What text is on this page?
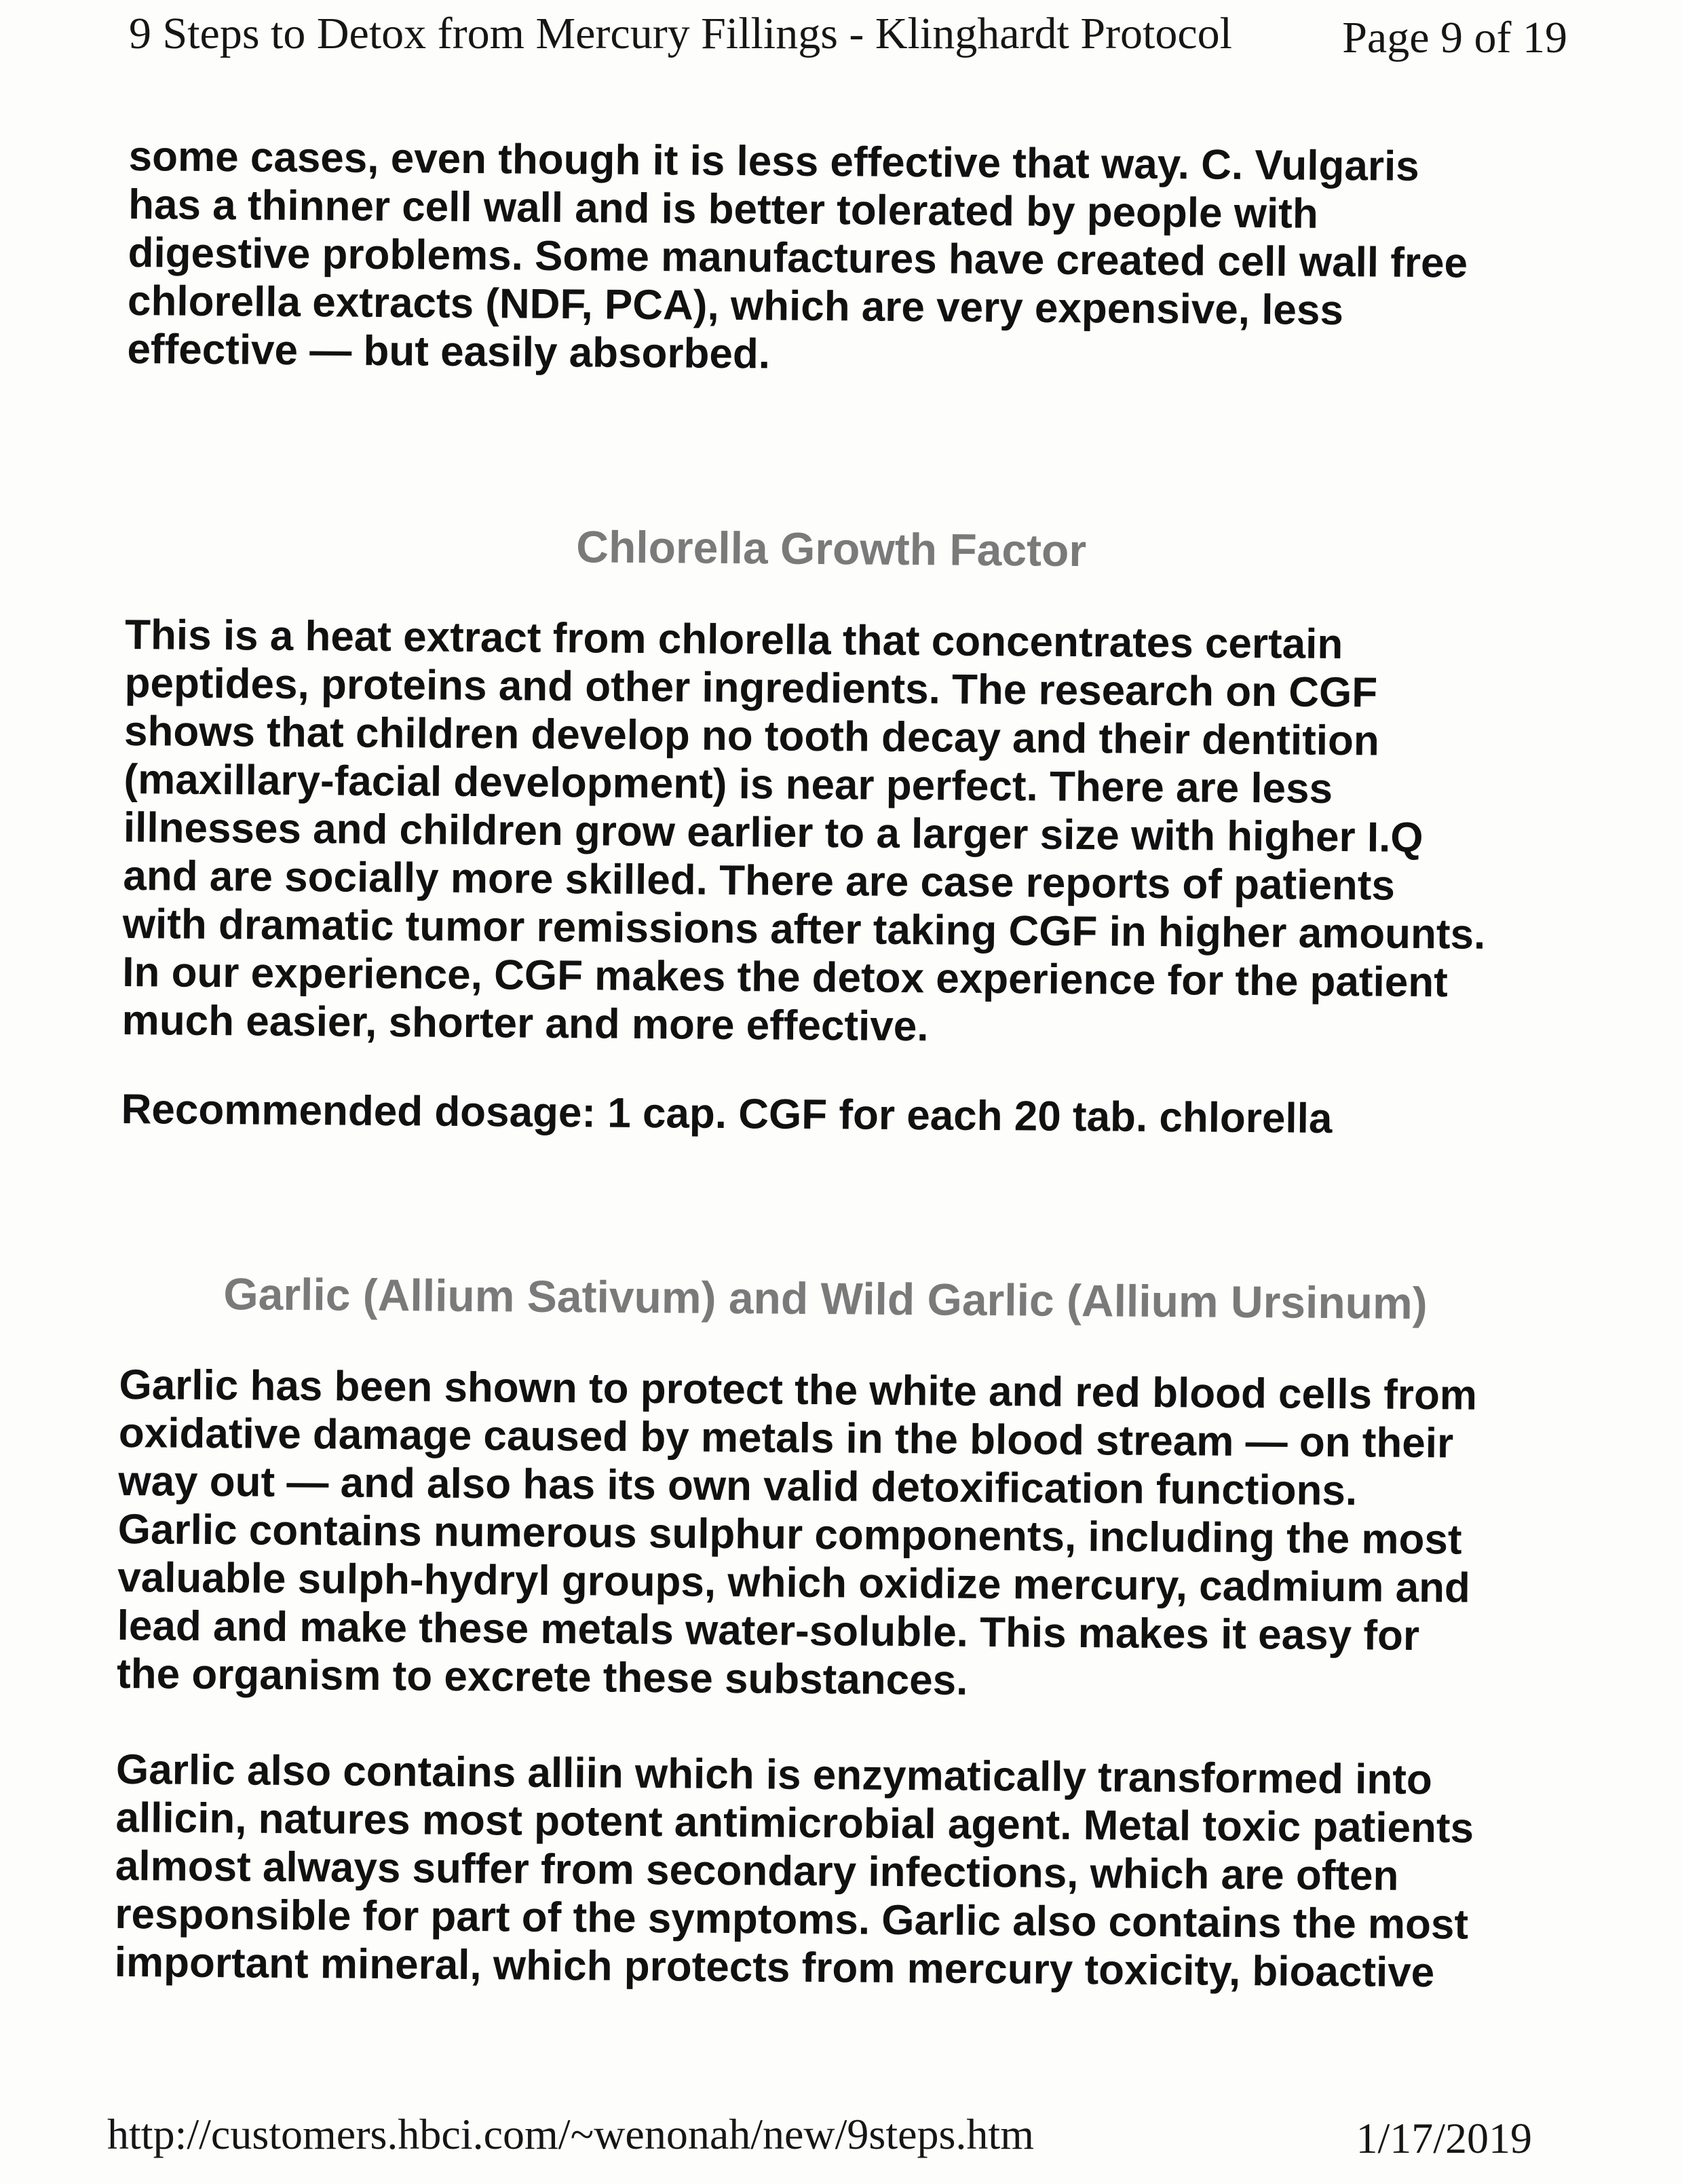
9 Steps to Detox from Mercury Fillings - Klinghardt Protocol Page 9 of 19

some cases, even though it is less effective that way. C. Vulgaris
has a thinner cell wall and is better tolerated by people with
digestive problems. Some manufactures have created cell wall free
chlorella extracts (NDF, PCA), which are very expensive, less
effective — but easily absorbed.

Chlorella Growth Factor

This is a heat extract from chlorella that concentrates certain
peptides, proteins and other ingredients. The research on CGF
shows that children develop no tooth decay and their dentition
(maxillary-facial development) is near perfect. There are less
illnesses and children grow earlier to a larger size with higher I.Q
and are socially more skilled. There are case reports of patients
with dramatic tumor remissions after taking CGF in higher amounts.
In our experience, CGF makes the detox experience for the patient
much easier, shorter and more effective.

Recommended dosage: 1 cap. CGF for each 20 tab. chlorella

Garlic (Allium Sativum) and Wild Garlic (Allium Ursinum)

Garlic has been shown to protect the white and red blood cells from
oxidative damage caused by metals in the blood stream — on their
way out — and also has its own valid detoxification functions.
Garlic contains numerous sulphur components, including the most
valuable sulph-hydryl groups, which oxidize mercury, cadmium and
lead and make these metals water-soluble. This makes it easy for
the organism to excrete these substances.

Garlic also contains alliin which is enzymatically transformed into
allicin, natures most potent antimicrobial agent. Metal toxic patients
almost always suffer from secondary infections, which are often
responsible for part of the symptoms. Garlic also contains the most
important mineral, which protects from mercury toxicity, bioactive

http://customers.hbci.com/~wenonah/new/9steps.htm	1/17/2019
